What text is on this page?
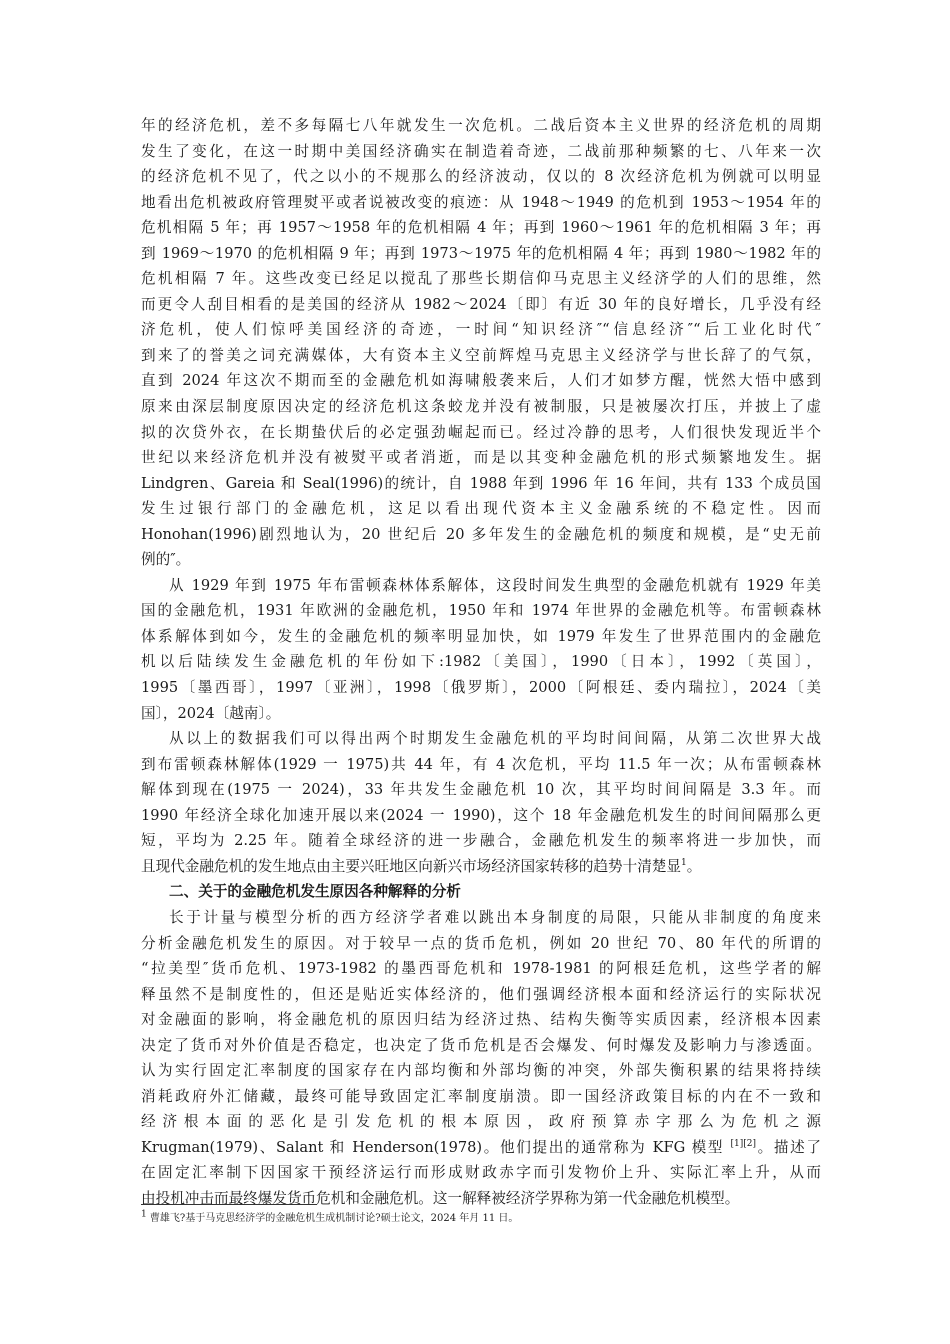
年的经济危机，差不多每隔七八年就发生一次危机。二战后资本主义世界的经济危机的周期
发生了变化，在这一时期中美国经济确实在制造着奇迹，二战前那种频繁的七、八年来一次
的经济危机不见了，代之以小的不规那么的经济波动，仅以的 8 次经济危机为例就可以明显
地看出危机被政府管理熨平或者说被改变的痕迹：从 1948～1949 的危机到 1953～1954 年的
危机相隔 5 年；再 1957～1958 年的危机相隔 4 年；再到 1960～1961 年的危机相隔 3 年；再
到 1969～1970 的危机相隔 9 年；再到 1973～1975 年的危机相隔 4 年；再到 1980～1982 年的
危机相隔 7 年。这些改变已经足以搅乱了那些长期信仰马克思主义经济学的人们的思维，然
而更令人刮目相看的是美国的经济从 1982～2024〔即〕有近 30 年的良好增长，几乎没有经
济危机，使人们惊呼美国经济的奇迹，一时间“知识经济″“信息经济″“后工业化时代″
到来了的誉美之词充满媒体，大有资本主义空前辉煌马克思主义经济学与世长辞了的气氛，
直到 2024 年这次不期而至的金融危机如海啸般袭来后，人们才如梦方醒，恍然大悟中感到
原来由深层制度原因决定的经济危机这条蛟龙并没有被制服，只是被屡次打压，并披上了虚
拟的次贷外衣，在长期蛰伏后的必定强劲崛起而已。经过冷静的思考，人们很快发现近半个
世纪以来经济危机并没有被熨平或者消逝，而是以其变种金融危机的形式频繁地发生。据
Lindgren、Gareia 和 Seal(1996)的统计，自 1988 年到 1996 年 16 年间，共有 133 个成员国
发生过银行部门的金融危机，这足以看出现代资本主义金融系统的不稳定性。因而
Honohan(1996)剧烈地认为，20 世纪后 20 多年发生的金融危机的频度和规模，是“史无前
例的″。
从 1929 年到 1975 年布雷顿森林体系解体，这段时间发生典型的金融危机就有 1929 年美
国的金融危机，1931 年欧洲的金融危机，1950 年和 1974 年世界的金融危机等。布雷顿森林
体系解体到如今，发生的金融危机的频率明显加快，如 1979 年发生了世界范围内的金融危
机以后陆续发生金融危机的年份如下:1982〔美国〕，1990〔日本〕，1992〔英国〕，
1995〔墨西哥〕，1997〔亚洲〕，1998〔俄罗斯〕，2000〔阿根廷、委内瑞拉〕，2024〔美
国〕，2024〔越南〕。
从以上的数据我们可以得出两个时期发生金融危机的平均时间间隔，从第二次世界大战
到布雷顿森林解体(1929 一 1975)共 44 年，有 4 次危机，平均 11.5 年一次；从布雷顿森林
解体到现在(1975 一 2024)，33 年共发生金融危机 10 次，其平均时间间隔是 3.3 年。而
1990 年经济全球化加速开展以来(2024 一 1990)，这个 18 年金融危机发生的时间间隔那么更
短，平均为 2.25 年。随着全球经济的进一步融合，金融危机发生的频率将进一步加快，而
且现代金融危机的发生地点由主要兴旺地区向新兴市场经济国家转移的趋势十清楚显$^1$。
二、关于的金融危机发生原因各种解释的分析
长于计量与模型分析的西方经济学者难以跳出本身制度的局限，只能从非制度的角度来
分析金融危机发生的原因。对于较早一点的货币危机，例如 20 世纪 70、80 年代的所谓的
“拉美型″货币危机、1973-1982 的墨西哥危机和 1978-1981 的阿根廷危机，这些学者的解
释虽然不是制度性的，但还是贴近实体经济的，他们强调经济根本面和经济运行的实际状况
对金融面的影响，将金融危机的原因归结为经济过热、结构失衡等实质因素，经济根本因素
决定了货币对外价值是否稳定，也决定了货币危机是否会爆发、何时爆发及影响力与渗透面。
认为实行固定汇率制度的国家存在内部均衡和外部均衡的冲突，外部失衡积累的结果将持续
消耗政府外汇储藏，最终可能导致固定汇率制度崩溃。即一国经济政策目标的内在不一致和
经济根本面的恶化是引发危机的根本原因，政府预算赤字那么为危机之源
Krugman(1979)、Salant 和 Henderson(1978)。他们提出的通常称为 KFG 模型 [1][2]。描述了
在固定汇率制下因国家干预经济运行而形成财政赤字而引发物价上升、实际汇率上升，从而
由投机冲击而最终爆发货币危机和金融危机。这一解释被经济学界称为第一代金融危机模型。
$^1$ 曹雄飞?基于马克思经济学的金融危机生成机制讨论?硕士论文，2024 年月 11 日。
